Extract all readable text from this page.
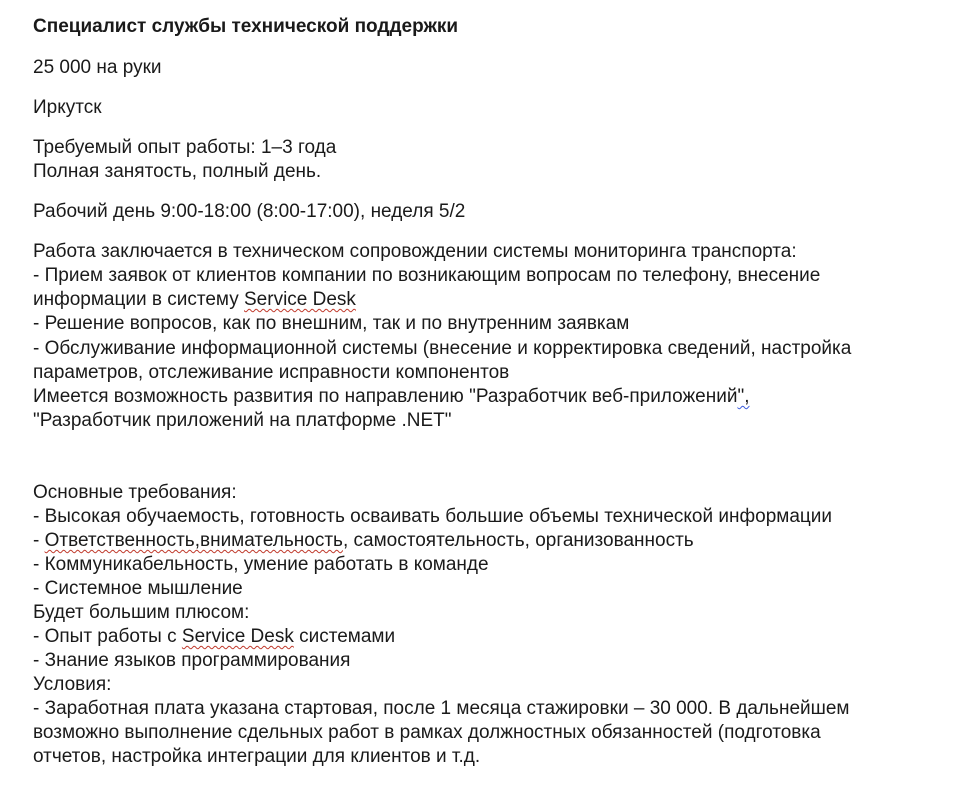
Специалист службы технической поддержки
25 000 на руки
Иркутск
Требуемый опыт работы: 1–3 года
Полная занятость, полный день.
Рабочий день 9:00-18:00 (8:00-17:00), неделя 5/2
Работа заключается в техническом сопровождении системы мониторинга транспорта:
- Прием заявок от клиентов компании по возникающим вопросам по телефону, внесение
информации в систему Service Desk
- Решение вопросов, как по внешним, так и по внутренним заявкам
- Обслуживание информационной системы (внесение и корректировка сведений, настройка
параметров, отслеживание исправности компонентов
Имеется возможность развития по направлению "Разработчик веб-приложений",
"Разработчик приложений на платформе .NET"
Основные требования:
- Высокая обучаемость, готовность осваивать большие объемы технической информации
- Ответственность,внимательность, самостоятельность, организованность
- Коммуникабельность, умение работать в команде
- Системное мышление
Будет большим плюсом:
- Опыт работы с Service Desk системами
- Знание языков программирования
Условия:
- Заработная плата указана стартовая, после 1 месяца стажировки – 30 000. В дальнейшем
возможно выполнение сдельных работ в рамках должностных обязанностей (подготовка
отчетов, настройка интеграции для клиентов и т.д.
